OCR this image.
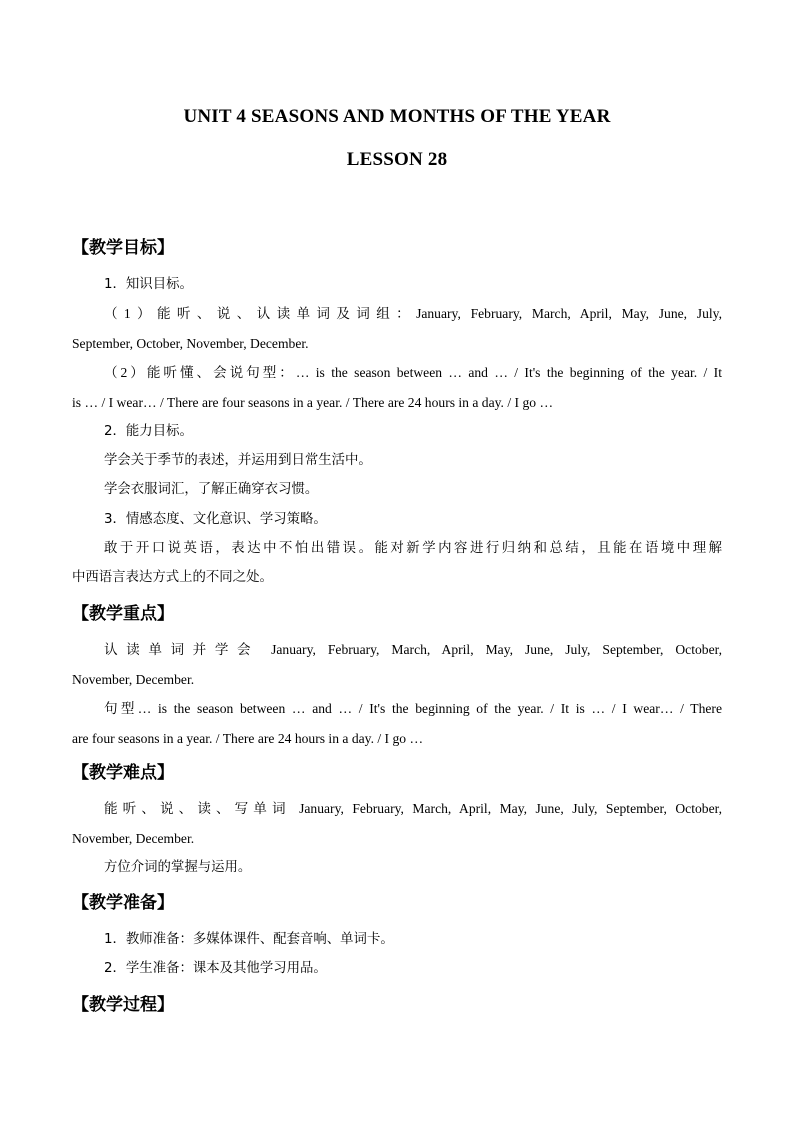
UNIT 4 SEASONS AND MONTHS OF THE YEAR
LESSON 28
【教学目标】
1．知识目标。
（1）能听、说、认读单词及词组：January, February, March, April, May, June, July,
September, October, November, December.
（2）能听懂、会说句型：… is the season between … and … / It's the beginning of the year. / It
is … / I wear… / There are four seasons in a year. / There are 24 hours in a day. / I go …
2．能力目标。
学会关于季节的表述，并运用到日常生活中。
学会衣服词汇，了解正确穿衣习惯。
3．情感态度、文化意识、学习策略。
敢于开口说英语，表达中不怕出错误。能对新学内容进行归纳和总结，且能在语境中理解
中西语言表达方式上的不同之处。
【教学重点】
认读单词并学会 January, February, March, April, May, June, July, September, October,
November, December.
句型… is the season between … and … / It's the beginning of the year. / It is … / I wear… / There
are four seasons in a year. / There are 24 hours in a day. / I go …
【教学难点】
能听、说、读、写单词 January, February, March, April, May, June, July, September, October,
November, December.
方位介词的掌握与运用。
【教学准备】
1．教师准备：多媒体课件、配套音响、单词卡。
2．学生准备：课本及其他学习用品。
【教学过程】
